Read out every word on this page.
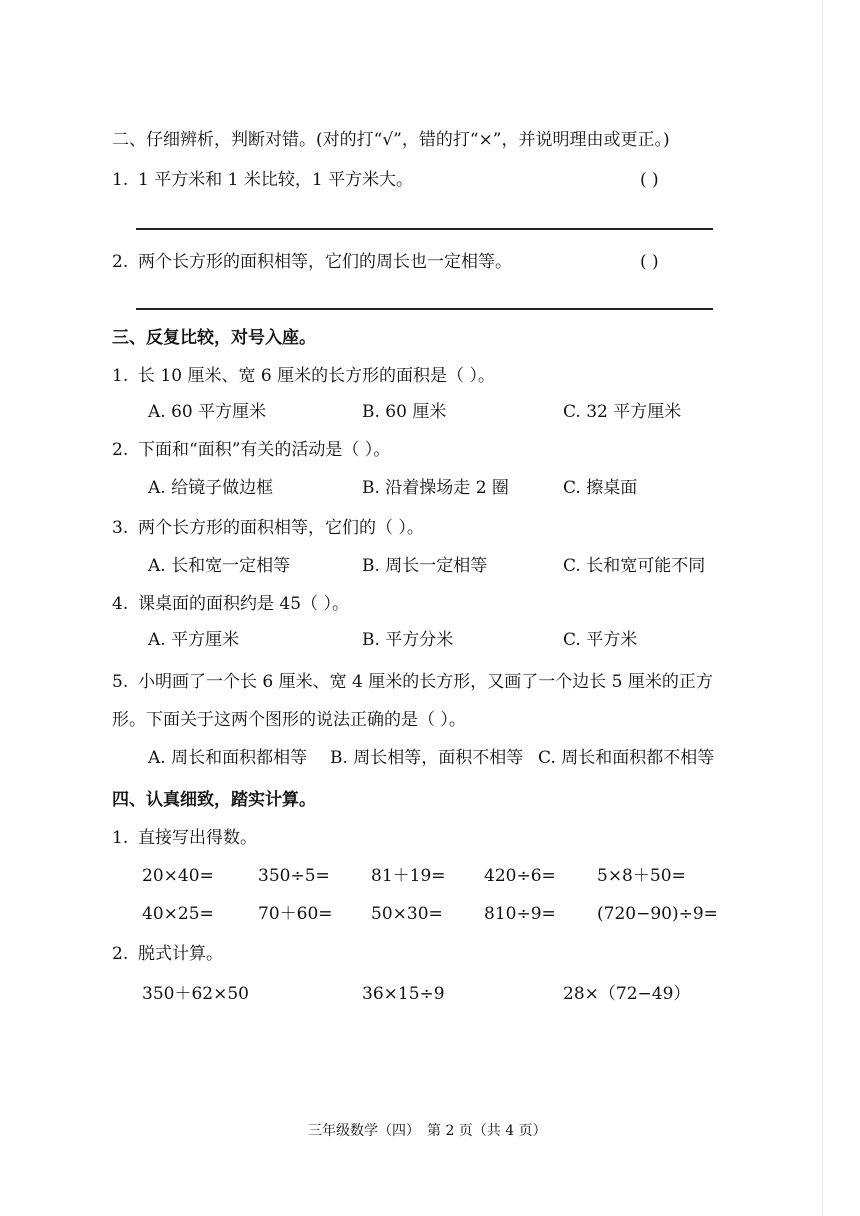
二、仔细辨析，判断对错。(对的打“√”，错的打“×”，并说明理由或更正。)
1. 1 平方米和 1 米比较，1 平方米大。	( )
2. 两个长方形的面积相等，它们的周长也一定相等。	( )
三、反复比较，对号入座。
1. 长 10 厘米、宽 6 厘米的长方形的面积是（ ）。
A. 60 平方厘米	B. 60 厘米	C. 32 平方厘米
2. 下面和“面积”有关的活动是（ ）。
A. 给镜子做边框	B. 沿着操场走 2 圈	C. 擦桌面
3. 两个长方形的面积相等，它们的（ ）。
A. 长和宽一定相等	B. 周长一定相等	C. 长和宽可能不同
4. 课桌面的面积约是 45（ ）。
A. 平方厘米	B. 平方分米	C. 平方米
5. 小明画了一个长 6 厘米、宽 4 厘米的长方形，又画了一个边长 5 厘米的正方
形。下面关于这两个图形的说法正确的是（ ）。
A. 周长和面积都相等 B. 周长相等，面积不相等 C. 周长和面积都不相等
四、认真细致，踏实计算。
1. 直接写出得数。
20×40=	350÷5= 81＋19= 420÷6= 5×8＋50=
40×25=	70＋60= 50×30= 810÷9= (720−90)÷9=
2. 脱式计算。
350＋62×50	36×15÷9	28×（72−49）
三年级数学（四）　第 2 页（共 4 页）
